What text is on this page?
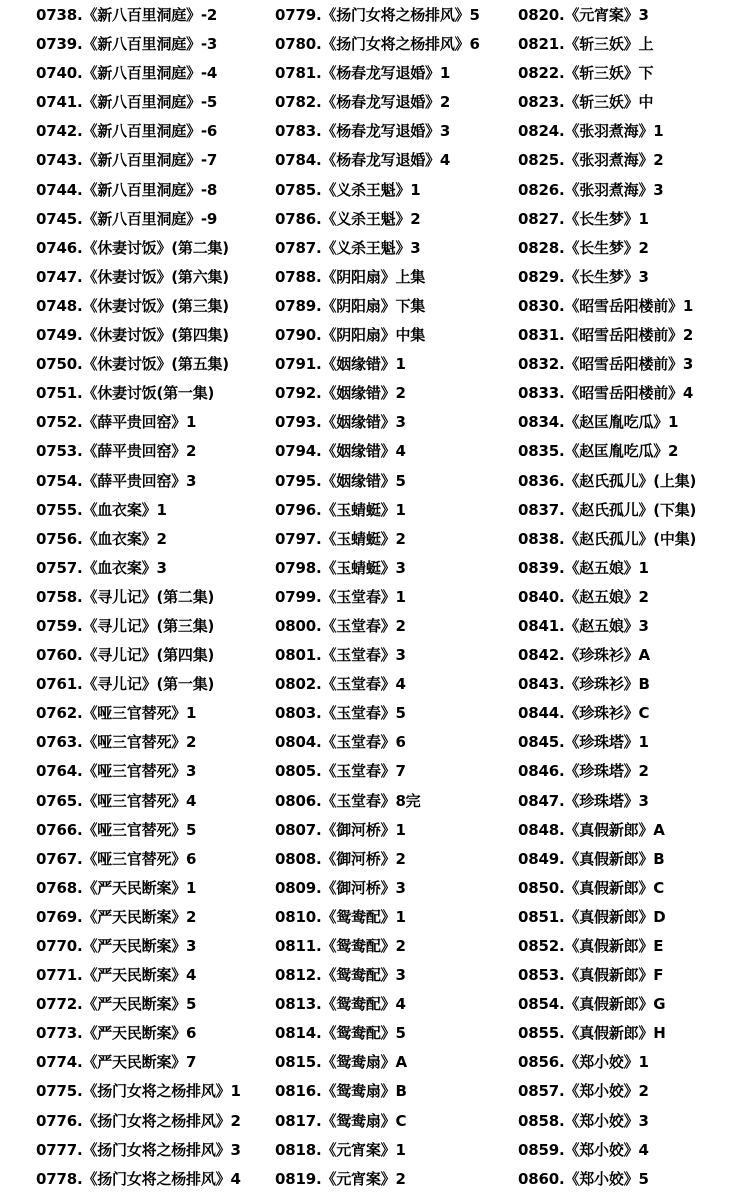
0738.《新八百里洞庭》-2
0739.《新八百里洞庭》-3
0740.《新八百里洞庭》-4
0741.《新八百里洞庭》-5
0742.《新八百里洞庭》-6
0743.《新八百里洞庭》-7
0744.《新八百里洞庭》-8
0745.《新八百里洞庭》-9
0746.《休妻讨饭》(第二集)
0747.《休妻讨饭》(第六集)
0748.《休妻讨饭》(第三集)
0749.《休妻讨饭》(第四集)
0750.《休妻讨饭》(第五集)
0751.《休妻讨饭(第一集)
0752.《薛平贵回窑》1
0753.《薛平贵回窑》2
0754.《薛平贵回窑》3
0755.《血衣案》1
0756.《血衣案》2
0757.《血衣案》3
0758.《寻儿记》(第二集)
0759.《寻儿记》(第三集)
0760.《寻儿记》(第四集)
0761.《寻儿记》(第一集)
0762.《哑三官替死》1
0763.《哑三官替死》2
0764.《哑三官替死》3
0765.《哑三官替死》4
0766.《哑三官替死》5
0767.《哑三官替死》6
0768.《严天民断案》1
0769.《严天民断案》2
0770.《严天民断案》3
0771.《严天民断案》4
0772.《严天民断案》5
0773.《严天民断案》6
0774.《严天民断案》7
0775.《扬门女将之杨排风》1
0776.《扬门女将之杨排风》2
0777.《扬门女将之杨排风》3
0778.《扬门女将之杨排风》4
0779.《扬门女将之杨排风》5
0780.《扬门女将之杨排风》6
0781.《杨春龙写退婚》1
0782.《杨春龙写退婚》2
0783.《杨春龙写退婚》3
0784.《杨春龙写退婚》4
0785.《义杀王魁》1
0786.《义杀王魁》2
0787.《义杀王魁》3
0788.《阴阳扇》上集
0789.《阴阳扇》下集
0790.《阴阳扇》中集
0791.《姻缘错》1
0792.《姻缘错》2
0793.《姻缘错》3
0794.《姻缘错》4
0795.《姻缘错》5
0796.《玉蜻蜓》1
0797.《玉蜻蜓》2
0798.《玉蜻蜓》3
0799.《玉堂春》1
0800.《玉堂春》2
0801.《玉堂春》3
0802.《玉堂春》4
0803.《玉堂春》5
0804.《玉堂春》6
0805.《玉堂春》7
0806.《玉堂春》8完
0807.《御河桥》1
0808.《御河桥》2
0809.《御河桥》3
0810.《鸳鸯配》1
0811.《鸳鸯配》2
0812.《鸳鸯配》3
0813.《鸳鸯配》4
0814.《鸳鸯配》5
0815.《鸳鸯扇》A
0816.《鸳鸯扇》B
0817.《鸳鸯扇》C
0818.《元宵案》1
0819.《元宵案》2
0820.《元宵案》3
0821.《斩三妖》上
0822.《斩三妖》下
0823.《斩三妖》中
0824.《张羽煮海》1
0825.《张羽煮海》2
0826.《张羽煮海》3
0827.《长生梦》1
0828.《长生梦》2
0829.《长生梦》3
0830.《昭雪岳阳楼前》1
0831.《昭雪岳阳楼前》2
0832.《昭雪岳阳楼前》3
0833.《昭雪岳阳楼前》4
0834.《赵匡胤吃瓜》1
0835.《赵匡胤吃瓜》2
0836.《赵氏孤儿》(上集)
0837.《赵氏孤儿》(下集)
0838.《赵氏孤儿》(中集)
0839.《赵五娘》1
0840.《赵五娘》2
0841.《赵五娘》3
0842.《珍珠衫》A
0843.《珍珠衫》B
0844.《珍珠衫》C
0845.《珍珠塔》1
0846.《珍珠塔》2
0847.《珍珠塔》3
0848.《真假新郎》A
0849.《真假新郎》B
0850.《真假新郎》C
0851.《真假新郎》D
0852.《真假新郎》E
0853.《真假新郎》F
0854.《真假新郎》G
0855.《真假新郎》H
0856.《郑小姣》1
0857.《郑小姣》2
0858.《郑小姣》3
0859.《郑小姣》4
0860.《郑小姣》5
